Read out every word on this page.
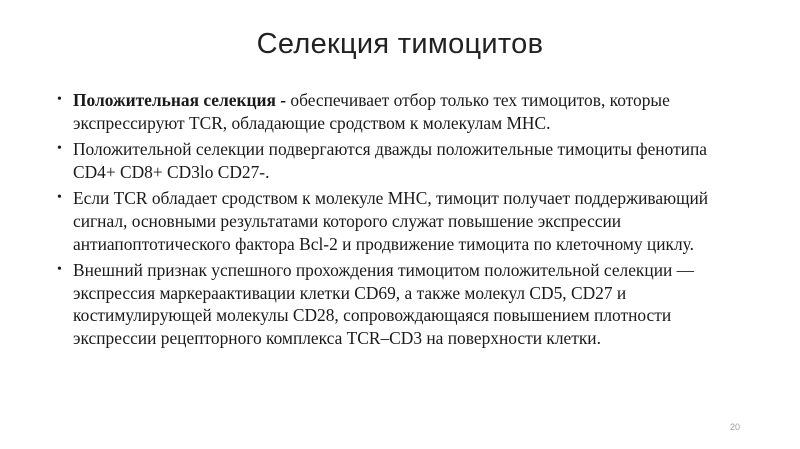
Селекция тимоцитов
• Положительная селекция - обеспечивает отбор только тех тимоцитов, которые экспрессируют TCR, обладающие сродством к молекулам MHC.
• Положительной селекции подвергаются дважды положительные тимоциты фенотипа CD4+ CD8+ CD3lo CD27-.
• Если TCR обладает сродством к молекуле MHC, тимоцит получает поддерживающий сигнал, основными результатами которого служат повышение экспрессии антиапоптотического фактора Bcl-2 и продвижение тимоцита по клеточному циклу.
• Внешний признак успешного прохождения тимоцитом положительной селекции — экспрессия маркераактивации клетки CD69, а также молекул CD5, CD27 и костимулирующей молекулы CD28, сопровождающаяся повышением плотности экспрессии рецепторного комплекса TCR–CD3 на поверхности клетки.
20
